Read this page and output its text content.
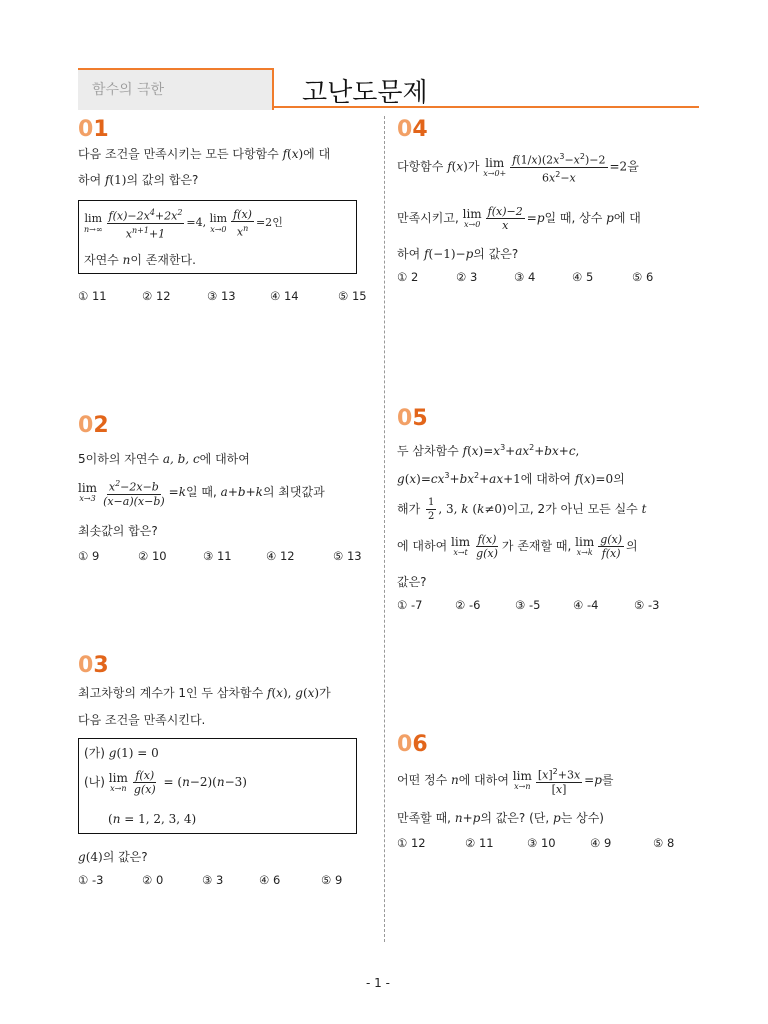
함수의 극한	고난도문제
01
다음 조건을 만족시키는 모든 다항함수 f(x)에 대
하여 f(1)의 값의 합은?
lim
$n\to\infty \frac{f(x)-2x^4+2x^2}{x^{n+1}+1} =4$, lim
$x\to 0 \frac{f(x)}{x^n} =2$인
자연수 n이 존재한다.
① 11	② 12	③ 13	④ 14	⑤ 15
02
5이하의 자연수 a, b, c에 대하여
lim
$x\to 3 \frac{x^2-2x-b}{(x-a)(x-b)} =k$일 때, a+b+k의 최댓값과
최솟값의 합은?
① 9	② 10	③ 11	④ 12	⑤ 13
03
최고차항의 계수가 1인 두 삼차함수 f(x), g(x)가
다음 조건을 만족시킨다.
(가) g(1) = 0
(나) lim
$x\to n \frac{f(x)}{g(x)} = (n-2)(n-3)$
(n = 1, 2, 3, 4)
g(4)의 값은?
① -3	② 0	③ 3	④ 6	⑤ 9
04
다항함수 f(x)가 lim
$x\to 0+ \frac{f(1/x)(2x^3-x^2)-2}{6x^2-x} =2$을
만족시키고, lim
$x\to 0 \frac{f(x)-2}{x} =p$일 때, 상수 p에 대
하여 f(−1)−p의 값은?
① 2	② 3	③ 4	④ 5	⑤ 6
05
두 삼차함수 $f(x)=x^3+ax^2+bx+c$,
$g(x)=cx^3+bx^2+ax+1$에 대하여 f(x)=0의
해가 $\frac{1}{2}$ , 3, k (k≠0)이고, 2가 아닌 모든 실수 t
에 대하여 lim
$x\to t \frac{f(x)}{g(x)}$ 가 존재할 때, lim
$x\to k \frac{g(x)}{f(x)}$ 의
값은?
① -7	② -6	③ -5	④ -4	⑤ -3
06
어떤 정수 n에 대하여 lim
$x\to n \frac{[x]^2+3x}{[x]} =p$를
만족할 때, n+p의 값은? (단, p는 상수)
① 12	② 11	③ 10	④ 9	⑤ 8
- 1 -
